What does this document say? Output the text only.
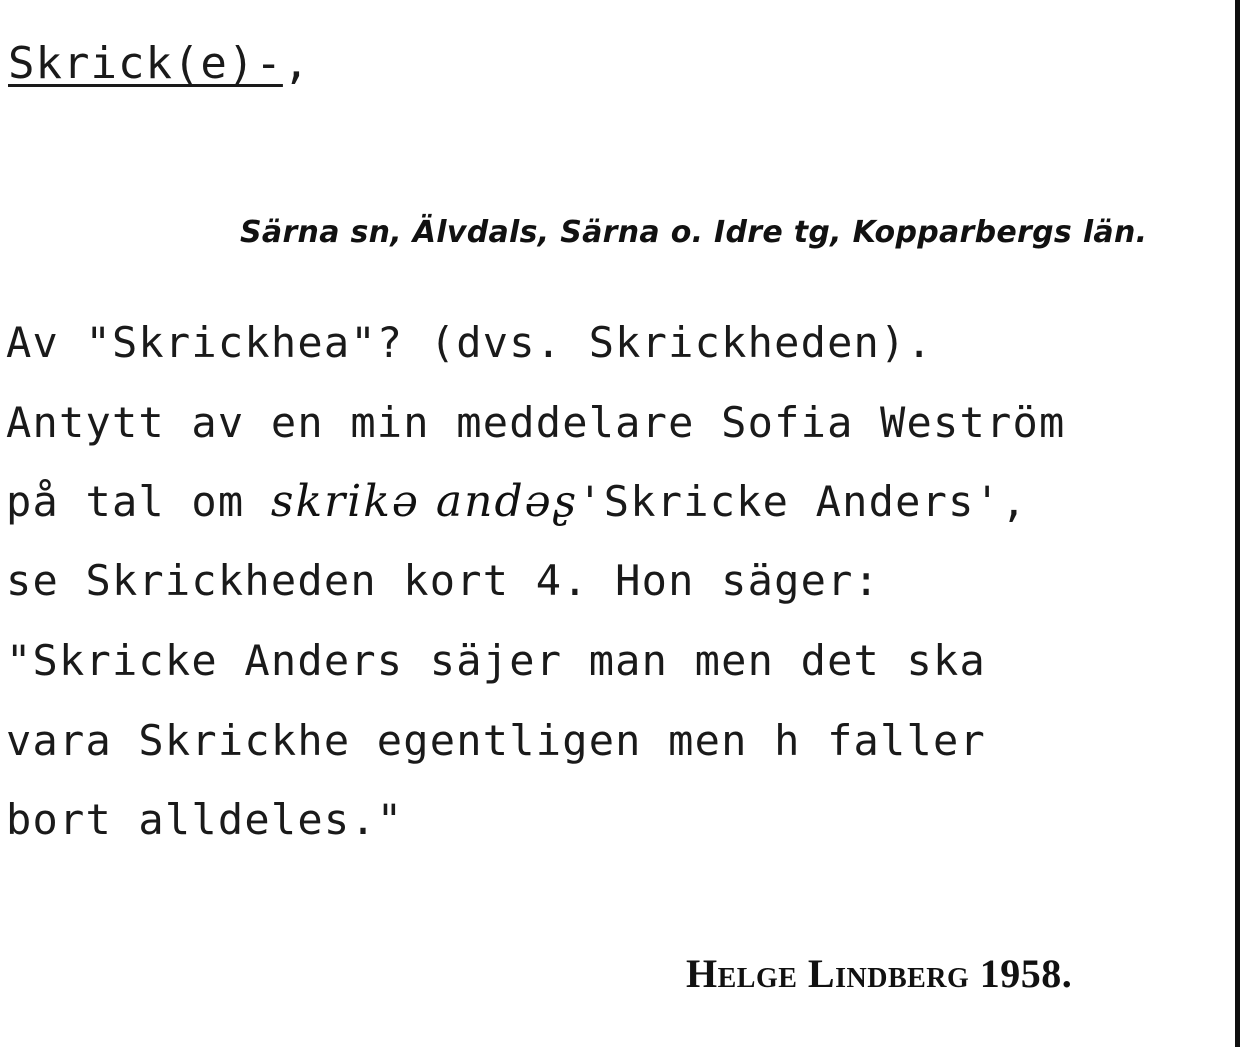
Skrick(e)-,
Särna sn, Älvdals, Särna o. Idre tg, Kopparbergs län.
Av "Skrickhea"? (dvs. Skrickheden).
Antytt av en min meddelare Sofia Weström
på tal om skrikə andəʂ'Skricke Anders',
se Skrickheden kort 4. Hon säger:
"Skricke Anders säjer man men det ska
vara Skrickhe egentligen men h faller
bort alldeles."
Helge Lindberg 1958.
